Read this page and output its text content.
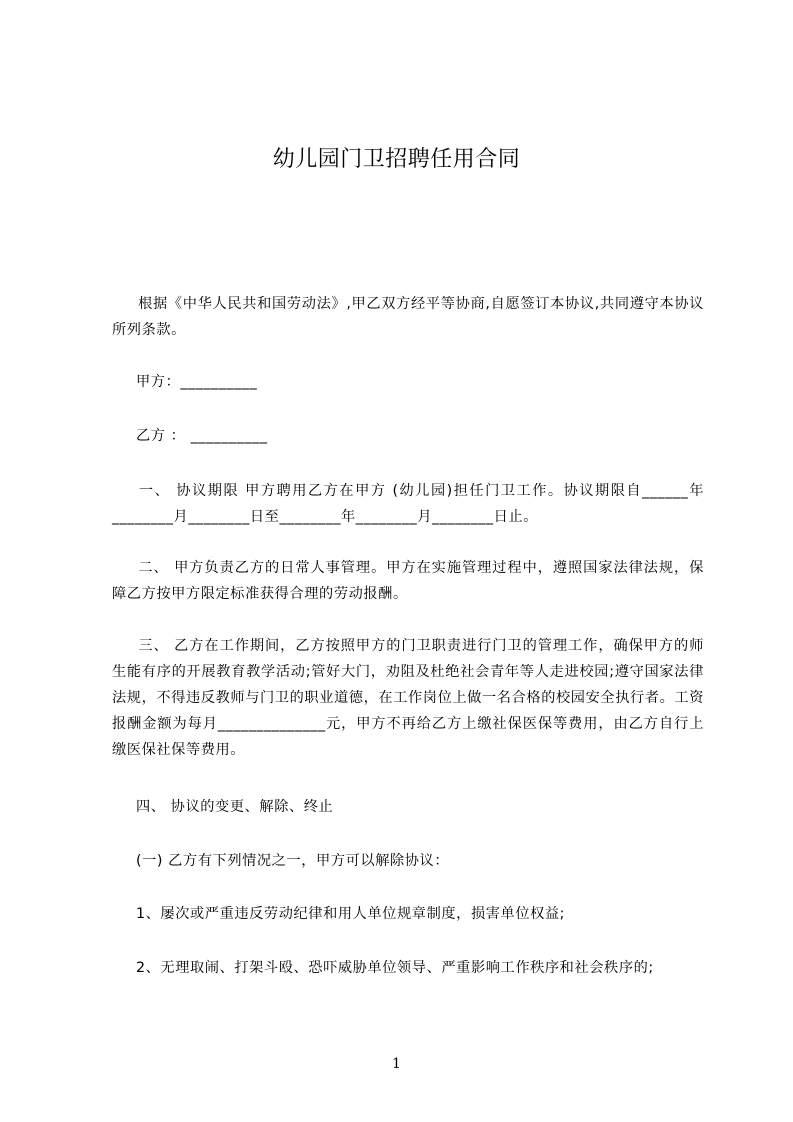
幼儿园门卫招聘任用合同
根据《中华人民共和国劳动法》,甲乙双方经平等协商,自愿签订本协议,共同遵守本协议所列条款。
甲方：__________
乙方 ： __________
一、 协议期限 甲方聘用乙方在甲方 (幼儿园)担任门卫工作。协议期限自______年 ________月________日至________年________月________日止。
二、 甲方负责乙方的日常人事管理。甲方在实施管理过程中，遵照国家法律法规，保障乙方按甲方限定标准获得合理的劳动报酬。
三、 乙方在工作期间，乙方按照甲方的门卫职责进行门卫的管理工作，确保甲方的师生能有序的开展教育教学活动;管好大门，劝阻及杜绝社会青年等人走进校园;遵守国家法律法规，不得违反教师与门卫的职业道德，在工作岗位上做一名合格的校园安全执行者。工资报酬金额为每月______________元，甲方不再给乙方上缴社保医保等费用，由乙方自行上缴医保社保等费用。
四、 协议的变更、解除、终止
(一) 乙方有下列情况之一，甲方可以解除协议：
1、屡次或严重违反劳动纪律和用人单位规章制度，损害单位权益;
2、无理取闹、打架斗殴、恐吓威胁单位领导、严重影响工作秩序和社会秩序的;
1
